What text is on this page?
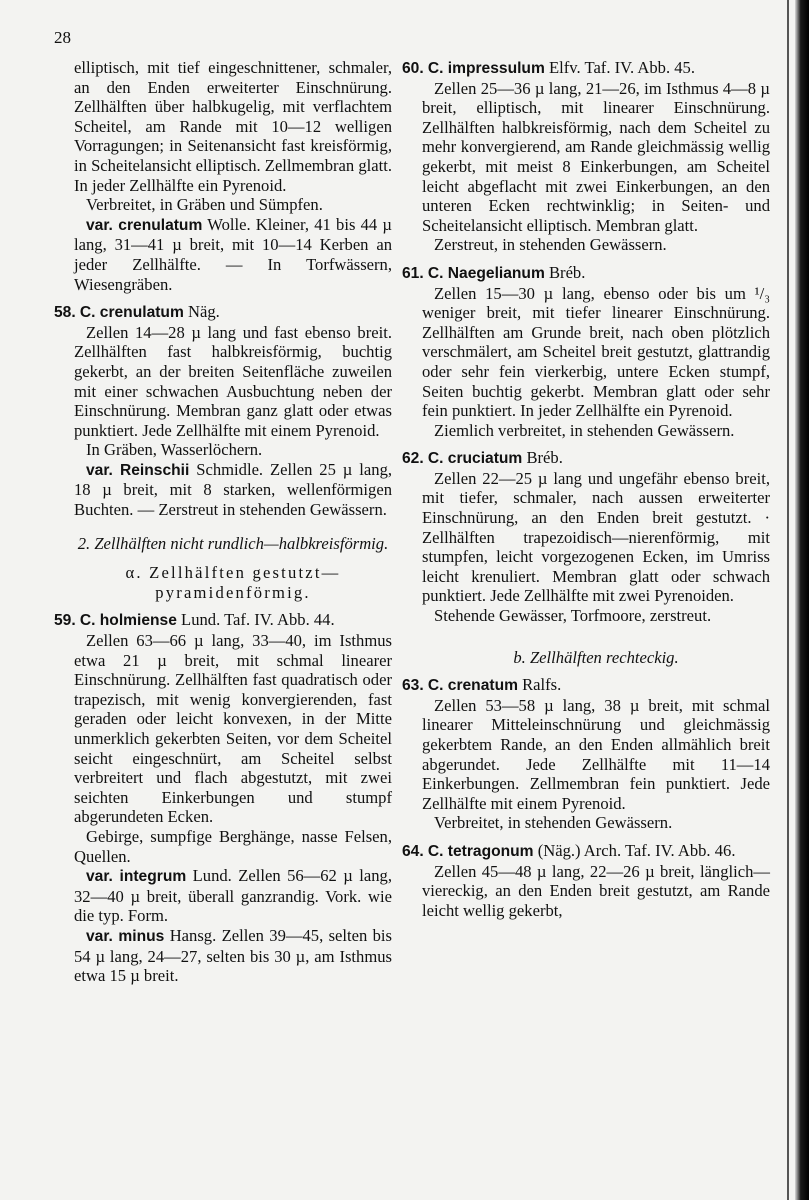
28

elliptisch, mit tief eingeschnittener, schmaler, an den Enden erweiterter Einschnürung. Zellhälften über halbkugelig, mit verflachtem Scheitel, am Rande mit 10—12 welligen Vorragungen; in Seitenansicht fast kreisförmig, in Scheitelansicht elliptisch. Zellmembran glatt. In jeder Zellhälfte ein Pyrenoid.

Verbreitet, in Gräben und Sümpfen.

var. crenulatum Wolle. Kleiner, 41 bis 44 µ lang, 31—41 µ breit, mit 10—14 Kerben an jeder Zellhälfte. — In Torfwässern, Wiesengräben.

58. C. crenulatum Näg.

Zellen 14—28 µ lang und fast ebenso breit. Zellhälften fast halbkreisförmig, buchtig gekerbt, an der breiten Seitenfläche zuweilen mit einer schwachen Ausbuchtung neben der Einschnürung. Membran ganz glatt oder etwas punktiert. Jede Zellhälfte mit einem Pyrenoid.

In Gräben, Wasserlöchern.

var. Reinschii Schmidle. Zellen 25 µ lang, 18 µ breit, mit 8 starken, wellenförmigen Buchten. — Zerstreut in stehenden Gewässern.

2. Zellhälften nicht rundlich—halbkreisförmig.
α. Zellhälften gestutzt—pyramidenförmig.

59. C. holmiense Lund. Taf. IV. Abb. 44.

Zellen 63—66 µ lang, 33—40, im Isthmus etwa 21 µ breit, mit schmal linearer Einschnürung. Zellhälften fast quadratisch oder trapezisch, mit wenig konvergierenden, fast geraden oder leicht konvexen, in der Mitte unmerklich gekerbten Seiten, vor dem Scheitel seicht eingeschnürt, am Scheitel selbst verbreitert und flach abgestutzt, mit zwei seichten Einkerbungen und stumpf abgerundeten Ecken.

Gebirge, sumpfige Berghänge, nasse Felsen, Quellen.

var. integrum Lund. Zellen 56—62 µ lang, 32—40 µ breit, überall ganzrandig. Vork. wie die typ. Form.

var. minus Hansg. Zellen 39—45, selten bis 54 µ lang, 24—27, selten bis 30 µ, am Isthmus etwa 15 µ breit.

60. C. impressulum Elfv. Taf. IV. Abb. 45.

Zellen 25—36 µ lang, 21—26, im Isthmus 4—8 µ breit, elliptisch, mit linearer Einschnürung. Zellhälften halbkreisförmig, nach dem Scheitel zu mehr konvergierend, am Rande gleichmässig wellig gekerbt, mit meist 8 Einkerbungen, am Scheitel leicht abgeflacht mit zwei Einkerbungen, an den unteren Ecken rechtwinklig; in Seiten- und Scheitelansicht elliptisch. Membran glatt.

Zerstreut, in stehenden Gewässern.

61. C. Naegelianum Bréb.

Zellen 15—30 µ lang, ebenso oder bis um ¹/₃ weniger breit, mit tiefer linearer Einschnürung. Zellhälften am Grunde breit, nach oben plötzlich verschmälert, am Scheitel breit gestutzt, glattrandig oder sehr fein vierkerbig, untere Ecken stumpf, Seiten buchtig gekerbt. Membran glatt oder sehr fein punktiert. In jeder Zellhälfte ein Pyrenoid.

Ziemlich verbreitet, in stehenden Gewässern.

62. C. cruciatum Bréb.

Zellen 22—25 µ lang und ungefähr ebenso breit, mit tiefer, schmaler, nach aussen erweiterter Einschnürung, an den Enden breit gestutzt. · Zellhälften trapezoidisch—nierenförmig, mit stumpfen, leicht vorgezogenen Ecken, im Umriss leicht krenuliert. Membran glatt oder schwach punktiert. Jede Zellhälfte mit zwei Pyrenoiden.

Stehende Gewässer, Torfmoore, zerstreut.

b. Zellhälften rechteckig.

63. C. crenatum Ralfs.

Zellen 53—58 µ lang, 38 µ breit, mit schmal linearer Mitteleinschnürung und gleichmässig gekerbtem Rande, an den Enden allmählich breit abgerundet. Jede Zellhälfte mit 11—14 Einkerbungen. Zellmembran fein punktiert. Jede Zellhälfte mit einem Pyrenoid.

Verbreitet, in stehenden Gewässern.

64. C. tetragonum (Näg.) Arch. Taf. IV. Abb. 46.

Zellen 45—48 µ lang, 22—26 µ breit, länglich—viereckig, an den Enden breit gestutzt, am Rande leicht wellig gekerbt,
